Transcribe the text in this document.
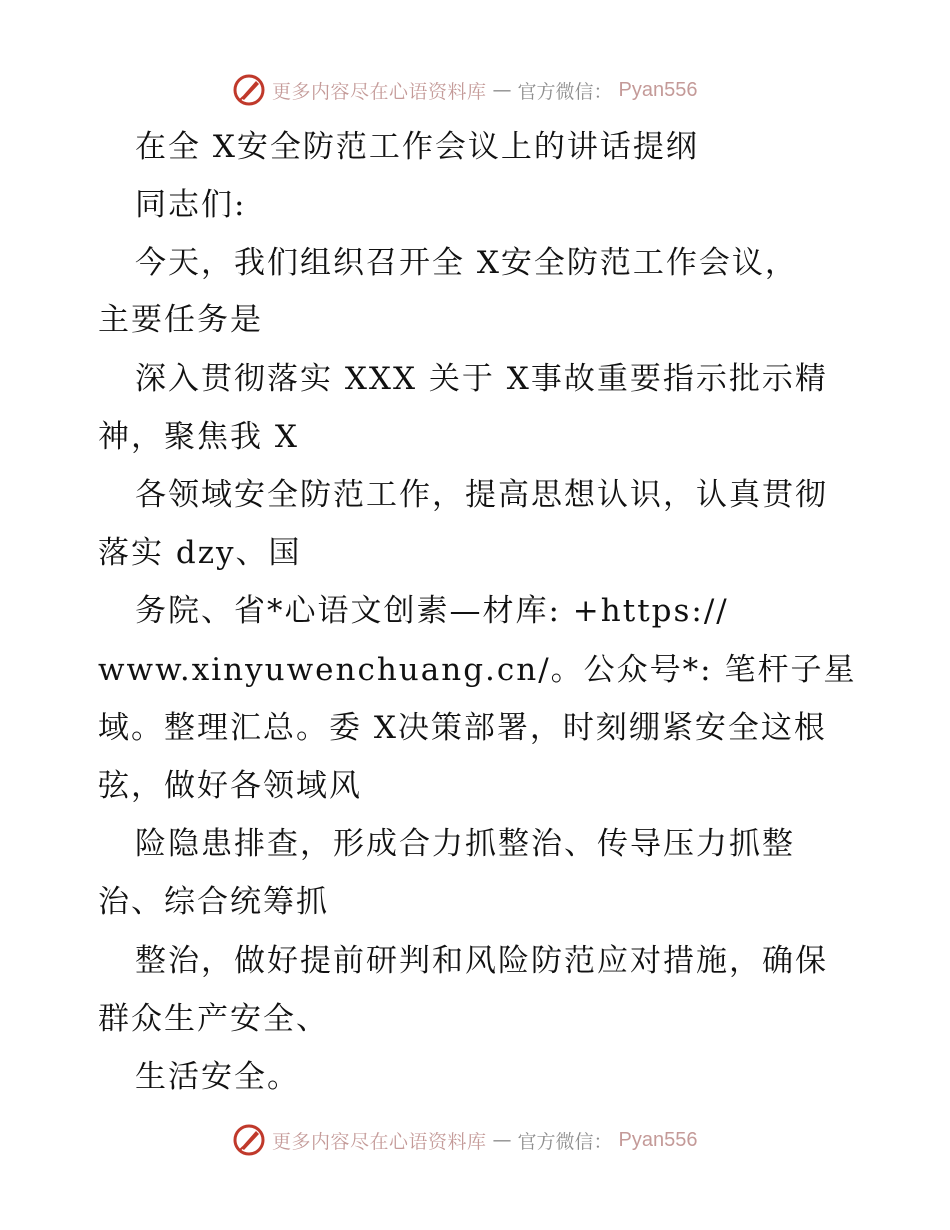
更多内容尽在心语资料库 — 官方微信： Pyan556
在全 X安全防范工作会议上的讲话提纲
同志们:
今天，我们组织召开全 X安全防范工作会议，
主要任务是
深入贯彻落实 XXX 关于 X事故重要指示批示精
神，聚焦我 X
各领域安全防范工作，提高思想认识，认真贯彻
落实 dzy、国
务院、省*心语文创素—材库: +https://
www.xinyuwenchuang.cn/。公众号*: 笔杆子星
域。整理汇总。委 X决策部署，时刻绷紧安全这根
弦，做好各领域风
险隐患排查，形成合力抓整治、传导压力抓整
治、综合统筹抓
整治，做好提前研判和风险防范应对措施，确保
群众生产安全、
生活安全。
更多内容尽在心语资料库 — 官方微信： Pyan556
